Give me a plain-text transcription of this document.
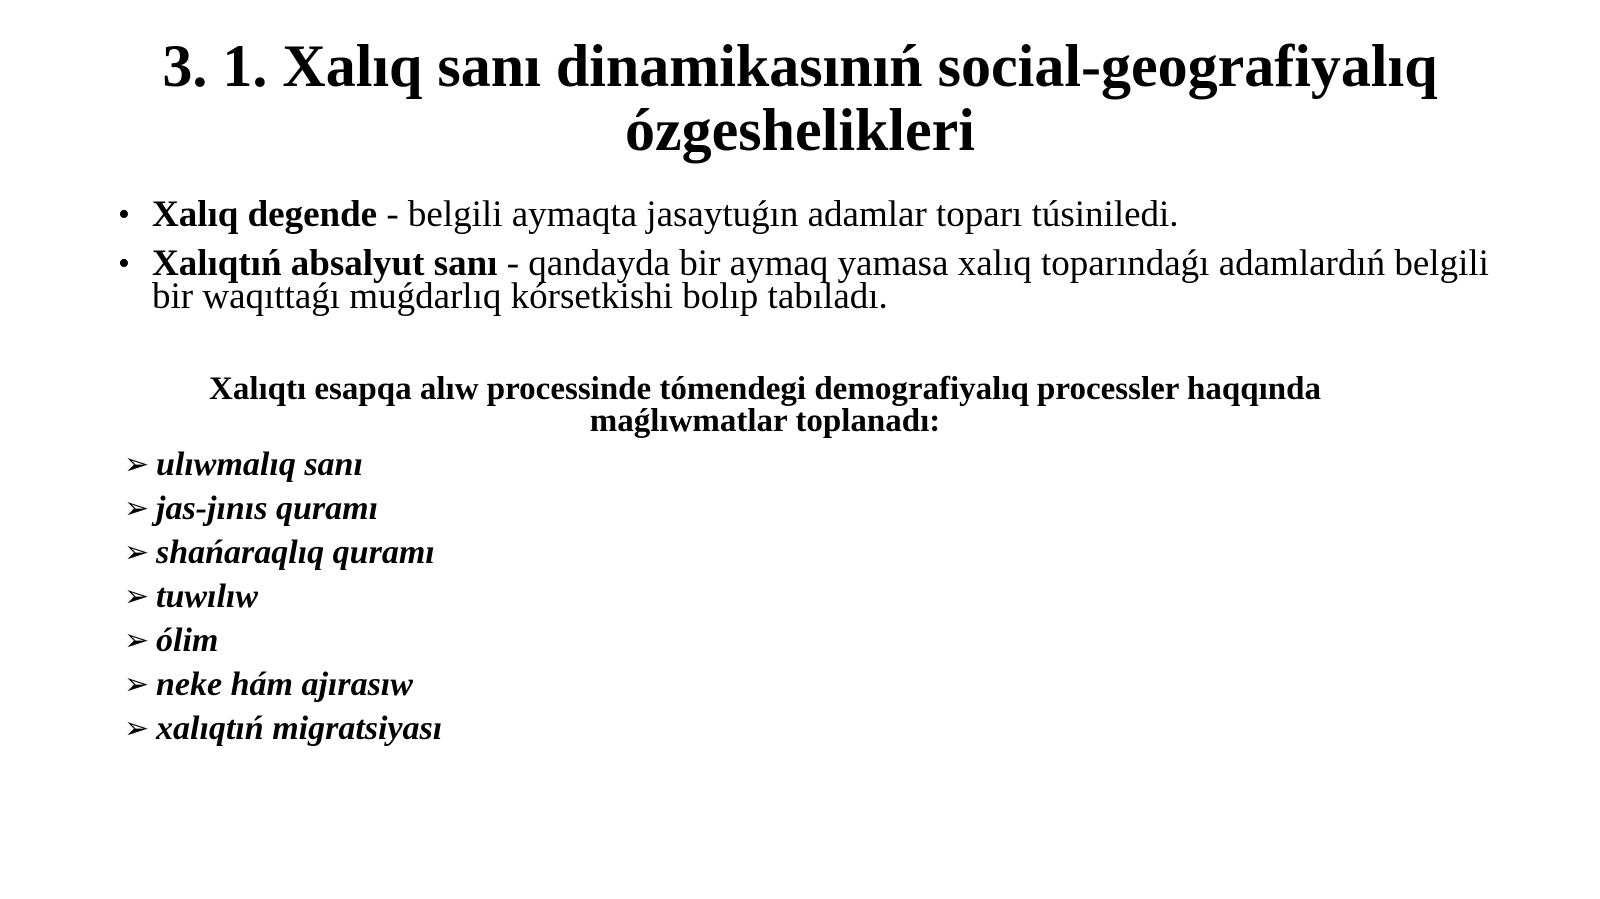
3. 1. Xalıq sanı dinamikasınıń social-geografiyalıq
ózgeshelikleri
• Xalıq degende - belgili aymaqta jasaytuǵın adamlar toparı túsiniledi.
• Xalıqtıń absalyut sanı - qandayda bir aymaq yamasa xalıq toparındaǵı adamlardıń belgili bir waqıttaǵı muǵdarlıq kórsetkishi bolıp tabıladı.

Xalıqtı esapqa alıw processinde tómendegi demografiyalıq processler haqqında
maǵlıwmatlar toplanadı:

➢ ulıwmalıq sanı
➢ jas-jınıs quramı
➢ shańaraqlıq quramı
➢ tuwılıw
➢ ólim
➢ neke hám ajırasıw
➢ xalıqtıń migratsiyası
